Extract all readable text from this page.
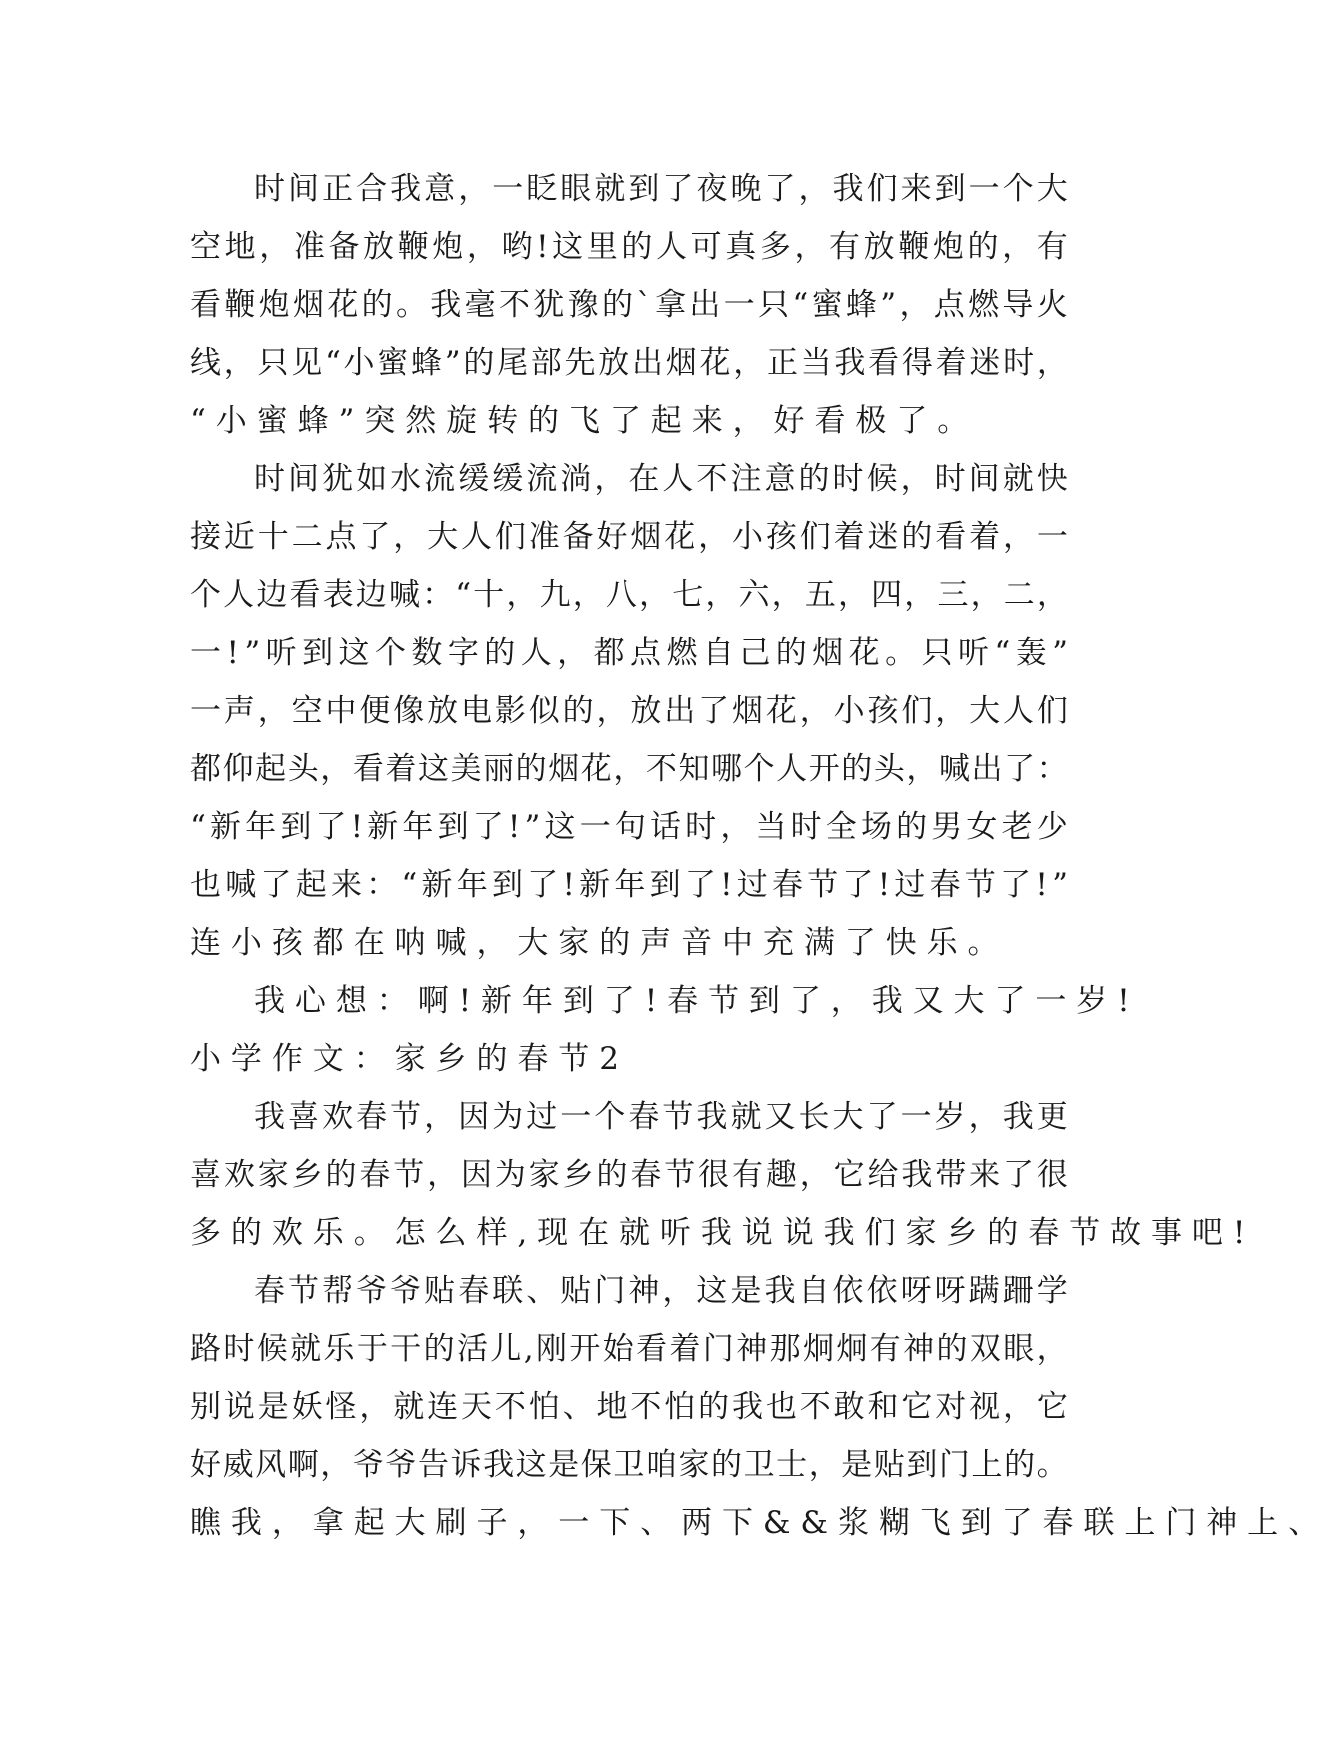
时 间 正 合 我 意 ， 一 眨 眼 就 到 了 夜 晚 了 ， 我 们 来 到 一 个 大
空 地 ， 准 备 放 鞭 炮 ， 哟 ! 这 里 的 人 可 真 多 ， 有 放 鞭 炮 的 ， 有
看 鞭 炮 烟 花 的 。 我 毫 不 犹 豫 的 ` 拿 出 一 只 “ 蜜 蜂 ” ， 点 燃 导 火
线 ， 只 见 “ 小 蜜 蜂 ” 的 尾 部 先 放 出 烟 花 ， 正 当 我 看 得 着 迷 时 ，
“ 小 蜜 蜂 ” 突 然 旋 转 的 飞 了 起 来 ， 好 看 极 了 。
时 间 犹 如 水 流 缓 缓 流 淌 ， 在 人 不 注 意 的 时 候 ， 时 间 就 快
接 近 十 二 点 了 ， 大 人 们 准 备 好 烟 花 ， 小 孩 们 着 迷 的 看 着 ， 一
个 人 边 看 表 边 喊 ： “ 十 ， 九 ， 八 ， 七 ， 六 ， 五 ， 四 ， 三 ， 二 ，
一 ! ” 听 到 这 个 数 字 的 人 ， 都 点 燃 自 己 的 烟 花 。 只 听 “ 轰 ”
一 声 ， 空 中 便 像 放 电 影 似 的 ， 放 出 了 烟 花 ， 小 孩 们 ， 大 人 们
都 仰 起 头 ， 看 着 这 美 丽 的 烟 花 ， 不 知 哪 个 人 开 的 头 ， 喊 出 了 ：
“ 新 年 到 了 ! 新 年 到 了 ! ” 这 一 句 话 时 ， 当 时 全 场 的 男 女 老 少
也 喊 了 起 来 ： “ 新 年 到 了 ! 新 年 到 了 ! 过 春 节 了 ! 过 春 节 了 ! ”
连 小 孩 都 在 呐 喊 ， 大 家 的 声 音 中 充 满 了 快 乐 。
我 心 想 ： 啊 ! 新 年 到 了 ! 春 节 到 了 ， 我 又 大 了 一 岁 !
小 学 作 文 ： 家 乡 的 春 节 2
我 喜 欢 春 节 ， 因 为 过 一 个 春 节 我 就 又 长 大 了 一 岁 ， 我 更
喜 欢 家 乡 的 春 节 ， 因 为 家 乡 的 春 节 很 有 趣 ， 它 给 我 带 来 了 很
多 的 欢 乐 。 怎 么 样 , 现 在 就 听 我 说 说 我 们 家 乡 的 春 节 故 事 吧 !
春 节 帮 爷 爷 贴 春 联 、 贴 门 神 ， 这 是 我 自 依 依 呀 呀 蹒 跚 学
路 时 候 就 乐 于 干 的 活 儿 , 刚 开 始 看 着 门 神 那 炯 炯 有 神 的 双 眼 ，
别 说 是 妖 怪 ， 就 连 天 不 怕 、 地 不 怕 的 我 也 不 敢 和 它 对 视 ， 它
好 威 风 啊 ， 爷 爷 告 诉 我 这 是 保 卫 咱 家 的 卫 士 ， 是 贴 到 门 上 的 。
瞧 我 ， 拿 起 大 刷 子 ， 一 下 、 两 下 & & 浆 糊 飞 到 了 春 联 上 门 神 上 、
